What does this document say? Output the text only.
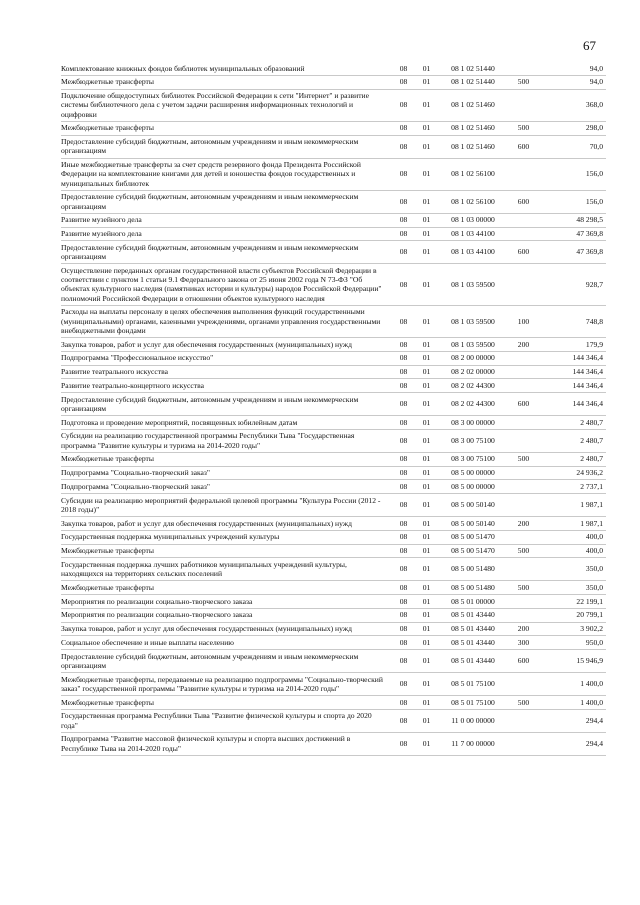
67
Комплектование книжных фондов библиотек муниципальных образований	08	01	08 1 02 51440		94,0
Межбюджетные трансферты	08	01	08 1 02 51440	500	94,0
Подключение общедоступных библиотек Российской Федерации к сети "Интернет" и развитие системы библиотечного дела с учетом задачи расширения информационных технологий и оцифровки	08	01	08 1 02 51460		368,0
Межбюджетные трансферты	08	01	08 1 02 51460	500	298,0
Предоставление субсидий бюджетным, автономным учреждениям и иным некоммерческим организациям	08	01	08 1 02 51460	600	70,0
Иные межбюджетные трансферты за счет средств резервного фонда Президента Российской Федерации на комплектование книгами для детей и юношества фондов государственных и муниципальных библиотек	08	01	08 1 02 56100		156,0
Предоставление субсидий бюджетным, автономным учреждениям и иным некоммерческим организациям	08	01	08 1 02 56100	600	156,0
Развитие музейного дела	08	01	08 1 03 00000		48 298,5
Развитие музейного дела	08	01	08 1 03 44100		47 369,8
Предоставление субсидий бюджетным, автономным учреждениям и иным некоммерческим организациям	08	01	08 1 03 44100	600	47 369,8
Осуществление переданных органам государственной власти субъектов Российской Федерации в соответствии с пунктом 1 статьи 9.1 Федерального закона от 25 июня 2002 года N 73-ФЗ "Об объектах культурного наследия (памятниках истории и культуры) народов Российской Федерации" полномочий Российской Федерации в отношении объектов культурного наследия	08	01	08 1 03 59500		928,7
Расходы на выплаты персоналу в целях обеспечения выполнения функций государственными (муниципальными) органами, казенными учреждениями, органами управления государственными внебюджетными фондами	08	01	08 1 03 59500	100	748,8
Закупка товаров, работ и услуг для обеспечения государственных (муниципальных) нужд	08	01	08 1 03 59500	200	179,9
Подпрограмма "Профессиональное искусство"	08	01	08 2 00 00000		144 346,4
Развитие театрального искусства	08	01	08 2 02 00000		144 346,4
Развитие театрально-концертного искусства	08	01	08 2 02 44300		144 346,4
Предоставление субсидий бюджетным, автономным учреждениям и иным некоммерческим организациям	08	01	08 2 02 44300	600	144 346,4
Подготовка и проведение мероприятий, посвященных юбилейным датам	08	01	08 3 00 00000		2 480,7
Субсидии на реализацию государственной программы Республики Тыва "Государственная программа "Развитие культуры и туризма на 2014-2020 годы"	08	01	08 3 00 75100		2 480,7
Межбюджетные трансферты	08	01	08 3 00 75100	500	2 480,7
Подпрограмма "Социально-творческий заказ"	08	01	08 5 00 00000		24 936,2
Подпрограмма "Социально-творческий заказ"	08	01	08 5 00 00000		2 737,1
Субсидии на реализацию мероприятий федеральной целевой программы "Культура России (2012 - 2018 годы)"	08	01	08 5 00 50140		1 987,1
Закупка товаров, работ и услуг для обеспечения государственных (муниципальных) нужд	08	01	08 5 00 50140	200	1 987,1
Государственная поддержка муниципальных учреждений культуры	08	01	08 5 00 51470		400,0
Межбюджетные трансферты	08	01	08 5 00 51470	500	400,0
Государственная поддержка лучших работников муниципальных учреждений культуры, находящихся на территориях сельских поселений	08	01	08 5 00 51480		350,0
Межбюджетные трансферты	08	01	08 5 00 51480	500	350,0
Мероприятия по реализации социально-творческого заказа	08	01	08 5 01 00000		22 199,1
Мероприятия по реализации социально-творческого заказа	08	01	08 5 01 43440		20 799,1
Закупка товаров, работ и услуг для обеспечения государственных (муниципальных) нужд	08	01	08 5 01 43440	200	3 902,2
Социальное обеспечение и иные выплаты населению	08	01	08 5 01 43440	300	950,0
Предоставление субсидий бюджетным, автономным учреждениям и иным некоммерческим организациям	08	01	08 5 01 43440	600	15 946,9
Межбюджетные трансферты, передаваемые на реализацию подпрограммы "Социально-творческий заказ" государственной программы "Развитие культуры и туризма на 2014-2020 годы"	08	01	08 5 01 75100		1 400,0
Межбюджетные трансферты	08	01	08 5 01 75100	500	1 400,0
Государственная программа Республики Тыва "Развитие физической культуры и спорта до 2020 года"	08	01	11 0 00 00000		294,4
Подпрограмма "Развитие массовой физической культуры и спорта высших достижений в Республике Тыва на 2014-2020 годы"	08	01	11 7 00 00000		294,4
